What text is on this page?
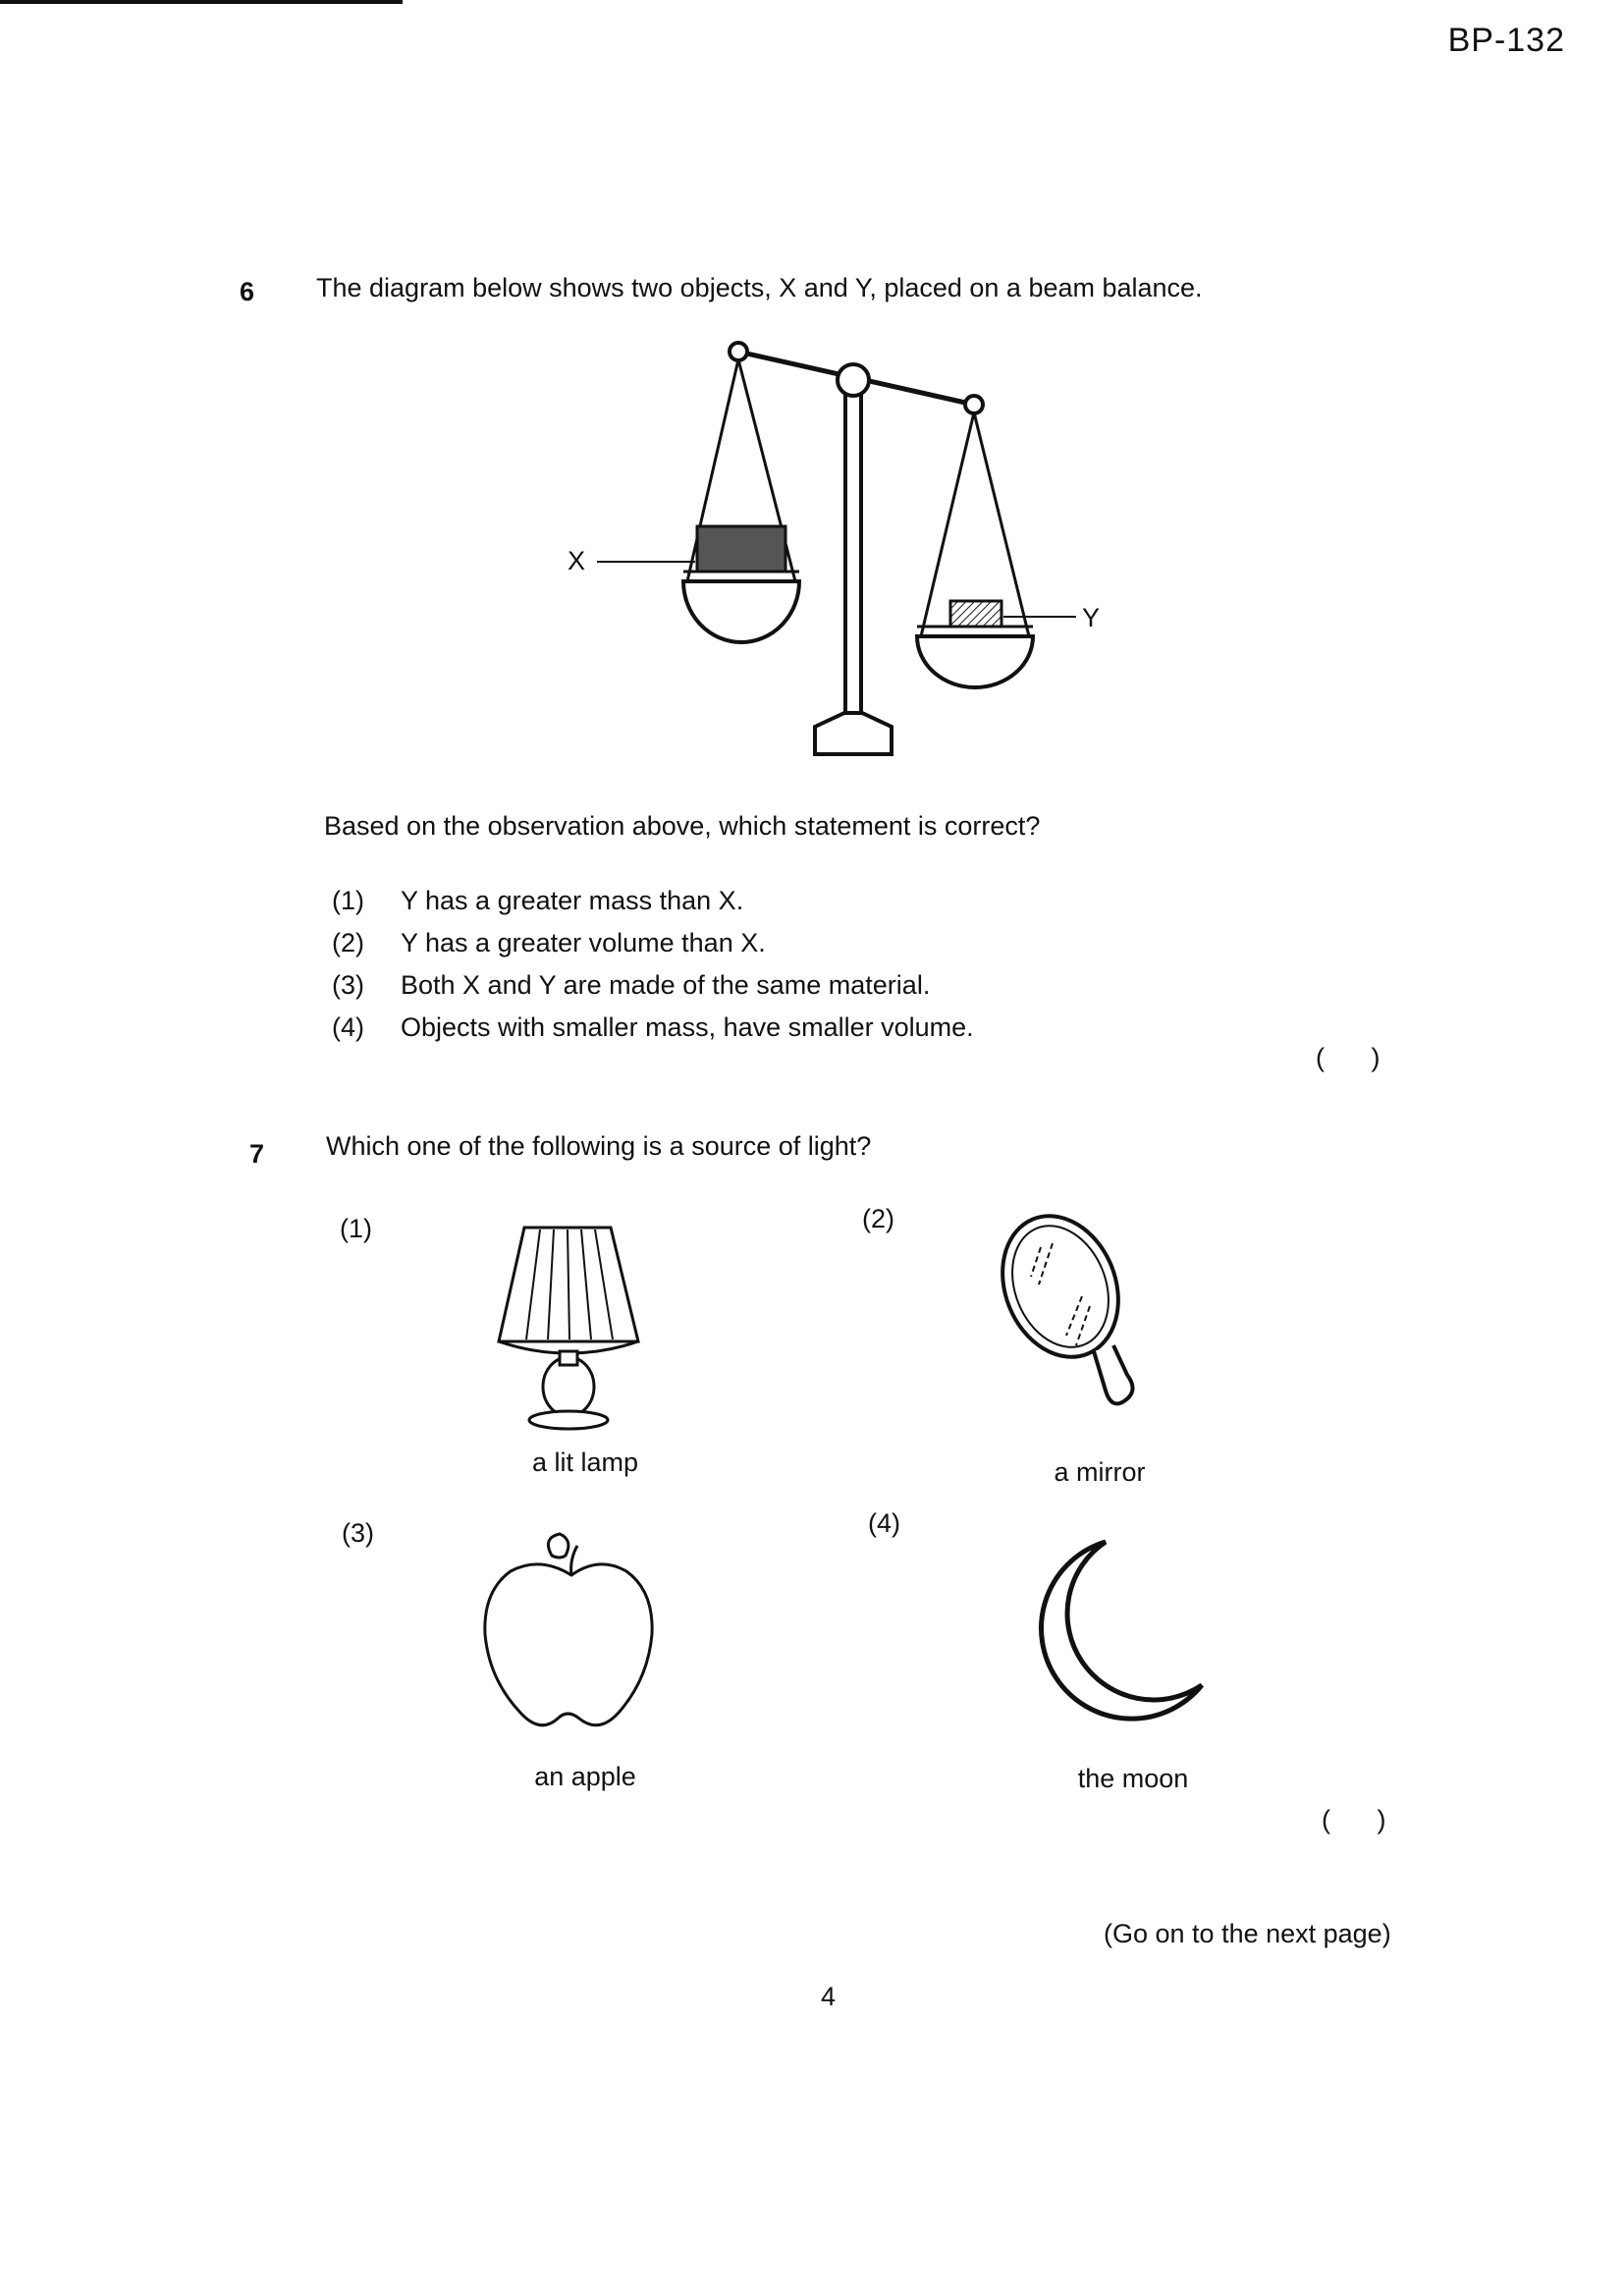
BP-132
6 The diagram below shows two objects, X and Y, placed on a beam balance.
X
Y
Based on the observation above, which statement is correct?
(1) Y has a greater mass than X.
(2) Y has a greater volume than X.
(3) Both X and Y are made of the same material.
(4) Objects with smaller mass, have smaller volume.
( )
7 Which one of the following is a source of light?
(1)
a lit lamp
(2)
a mirror
(3)
an apple
(4)
the moon
( )
(Go on to the next page)
4
